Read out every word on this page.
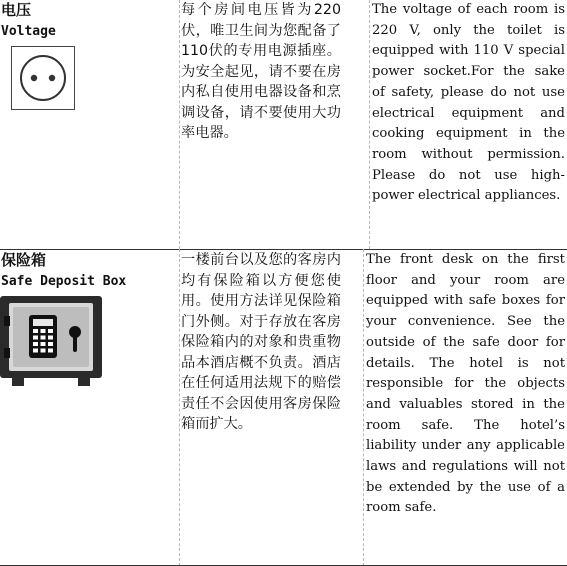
电压
Voltage

每个房间电压皆为220伏，唯卫生间为您配备了110伏的专用电源插座。为安全起见，请不要在房内私自使用电器设备和烹调设备，请不要使用大功率电器。

The voltage of each room is 220 V, only the toilet is equipped with 110 V special power socket.For the sake of safety, please do not use electrical equipment and cooking equipment in the room without permission. Please do not use high-power electrical appliances.

保险箱
Safe Deposit Box

一楼前台以及您的客房内均有保险箱以方便您使用。使用方法详见保险箱门外侧。对于存放在客房保险箱内的对象和贵重物品本酒店概不负责。酒店在任何适用法规下的赔偿责任不会因使用客房保险箱而扩大。

The front desk on the first floor and your room are equipped with safe boxes for your convenience. See the outside of the safe door for details. The hotel is not responsible for the objects and valuables stored in the room safe. The hotel’s liability under any applicable laws and regulations will not be extended by the use of a room safe.
